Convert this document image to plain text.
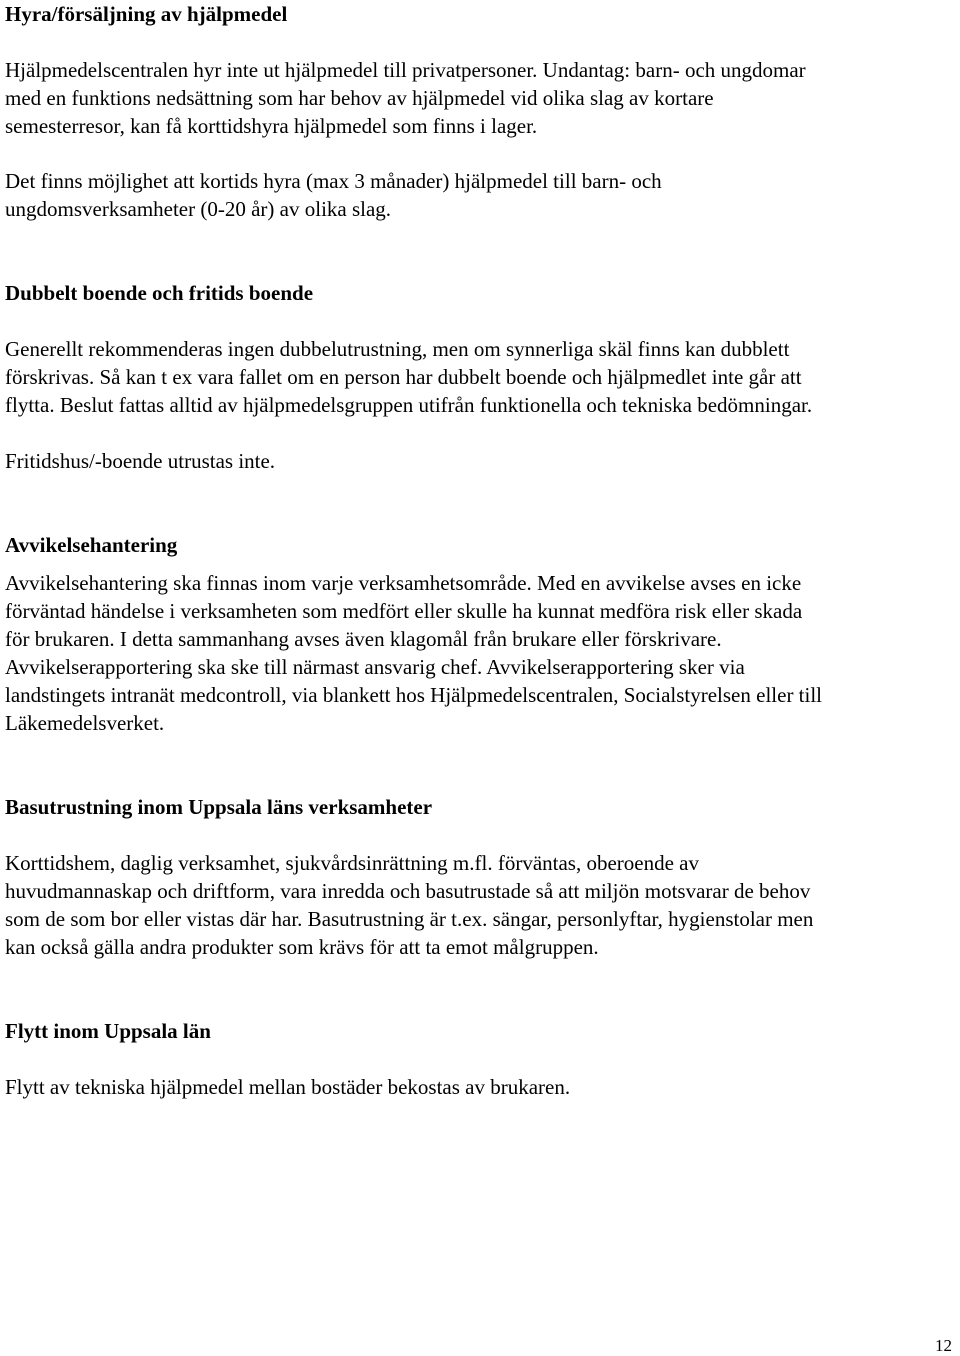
Hyra/försäljning av hjälpmedel

Hjälpmedelscentralen hyr inte ut hjälpmedel till privatpersoner. Undantag: barn- och ungdomar

med en funktions nedsättning som har behov av hjälpmedel vid olika slag av kortare

semesterresor, kan få korttidshyra hjälpmedel som finns i lager.

Det finns möjlighet att kortids hyra (max 3 månader) hjälpmedel till barn- och

ungdomsverksamheter (0-20 år) av olika slag.

Dubbelt boende och fritids boende

Generellt rekommenderas ingen dubbelutrustning, men om synnerliga skäl finns kan dubblett

förskrivas. Så kan t ex vara fallet om en person har dubbelt boende och hjälpmedlet inte går att

flytta. Beslut fattas alltid av hjälpmedelsgruppen utifrån funktionella och tekniska bedömningar.

Fritidshus/-boende utrustas inte.

Avvikelsehantering

Avvikelsehantering ska finnas inom varje verksamhetsområde. Med en avvikelse avses en icke

förväntad händelse i verksamheten som medfört eller skulle ha kunnat medföra risk eller skada

för brukaren. I detta sammanhang avses även klagomål från brukare eller förskrivare.

Avvikelserapportering ska ske till närmast ansvarig chef. Avvikelserapportering sker via

landstingets intranät medcontroll, via blankett hos Hjälpmedelscentralen, Socialstyrelsen eller till

Läkemedelsverket.

Basutrustning inom Uppsala läns verksamheter

Korttidshem, daglig verksamhet, sjukvårdsinrättning m.fl. förväntas, oberoende av

huvudmannaskap och driftform, vara inredda och basutrustade så att miljön motsvarar de behov

som de som bor eller vistas där har. Basutrustning är t.ex. sängar, personlyftar, hygienstolar men

kan också gälla andra produkter som krävs för att ta emot målgruppen.

Flytt inom Uppsala län

Flytt av tekniska hjälpmedel mellan bostäder bekostas av brukaren.

12
